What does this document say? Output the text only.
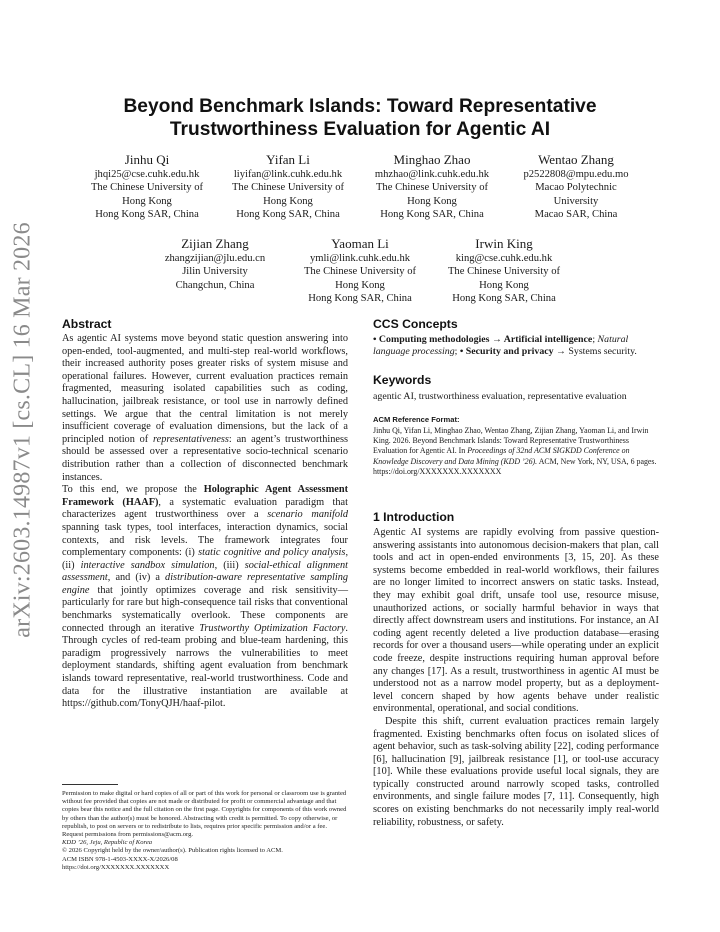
arXiv:2603.14987v1 [cs.CL] 16 Mar 2026
Beyond Benchmark Islands: Toward Representative
Trustworthiness Evaluation for Agentic AI
Jinhu Qi
jhqi25@cse.cuhk.edu.hk
The Chinese University of
Hong Kong
Hong Kong SAR, China
Yifan Li
liyifan@link.cuhk.edu.hk
The Chinese University of
Hong Kong
Hong Kong SAR, China
Minghao Zhao
mhzhao@link.cuhk.edu.hk
The Chinese University of
Hong Kong
Hong Kong SAR, China
Wentao Zhang
p2522808@mpu.edu.mo
Macao Polytechnic
University
Macao SAR, China
Zijian Zhang
zhangzijian@jlu.edu.cn
Jilin University
Changchun, China
Yaoman Li
ymli@link.cuhk.edu.hk
The Chinese University of
Hong Kong
Hong Kong SAR, China
Irwin King
king@cse.cuhk.edu.hk
The Chinese University of
Hong Kong
Hong Kong SAR, China
Abstract

As agentic AI systems move beyond static question answering into open-ended, tool-augmented, and multi-step real-world workflows, their increased authority poses greater risks of system misuse and operational failures. However, current evaluation practices remain fragmented, measuring isolated capabilities such as coding, hallucination, jailbreak resistance, or tool use in narrowly defined settings. We argue that the central limitation is not merely insufficient coverage of evaluation dimensions, but the lack of a principled notion of representativeness: an agent’s trustworthiness should be assessed over a representative socio-technical scenario distribution rather than a collection of disconnected benchmark instances.

To this end, we propose the Holographic Agent Assessment Framework (HAAF), a systematic evaluation paradigm that characterizes agent trustworthiness over a scenario manifold spanning task types, tool interfaces, interaction dynamics, social contexts, and risk levels. The framework integrates four complementary components: (i) static cognitive and policy analysis, (ii) interactive sandbox simulation, (iii) social-ethical alignment assessment, and (iv) a distribution-aware representative sampling engine that jointly optimizes coverage and risk sensitivity—particularly for rare but high-consequence tail risks that conventional benchmarks systematically overlook. These components are connected through an iterative Trustworthy Optimization Factory. Through cycles of red-team probing and blue-team hardening, this paradigm progressively narrows the vulnerabilities to meet deployment standards, shifting agent evaluation from benchmark islands toward representative, real-world trustworthiness. Code and data for the illustrative instantiation are available at https://github.com/TonyQJH/haaf-pilot.

Permission to make digital or hard copies of all or part of this work for personal or classroom use is granted without fee provided that copies are not made or distributed for profit or commercial advantage and that copies bear this notice and the full citation on the first page. Copyrights for components of this work owned by others than the author(s) must be honored. Abstracting with credit is permitted. To copy otherwise, or republish, to post on servers or to redistribute to lists, requires prior specific permission and/or a fee. Request permissions from permissions@acm.org.

KDD ’26, Jeju, Republic of Korea

© 2026 Copyright held by the owner/author(s). Publication rights licensed to ACM.

ACM ISBN 978-1-4503-XXXX-X/2026/08

https://doi.org/XXXXXXX.XXXXXXX

CCS Concepts
• Computing methodologies → Artificial intelligence; Natural language processing; • Security and privacy → Systems security.
Keywords
agentic AI, trustworthiness evaluation, representative evaluation
ACM Reference Format:
Jinhu Qi, Yifan Li, Minghao Zhao, Wentao Zhang, Zijian Zhang, Yaoman Li, and Irwin King. 2026. Beyond Benchmark Islands: Toward Representative Trustworthiness Evaluation for Agentic AI. In Proceedings of 32nd ACM SIGKDD Conference on Knowledge Discovery and Data Mining (KDD ’26). ACM, New York, NY, USA, 6 pages. https://doi.org/XXXXXXX.XXXXXXX
1 Introduction

Agentic AI systems are rapidly evolving from passive question-answering assistants into autonomous decision-makers that plan, call tools and act in open-ended environments [3, 15, 20]. As these systems become embedded in real-world workflows, their failures are no longer limited to incorrect answers on static tasks. Instead, they may exhibit goal drift, unsafe tool use, resource misuse, unauthorized actions, or socially harmful behavior in ways that directly affect downstream users and institutions. For instance, an AI coding agent recently deleted a live production database—erasing records for over a thousand users—while operating under an explicit code freeze, despite instructions requiring human approval before any changes [17]. As a result, trustworthiness in agentic AI must be understood not as a narrow model property, but as a deployment-level concern shaped by how agents behave under realistic environmental, operational, and social conditions.

Despite this shift, current evaluation practices remain largely fragmented. Existing benchmarks often focus on isolated slices of agent behavior, such as task-solving ability [22], coding performance [6], hallucination [9], jailbreak resistance [1], or tool-use accuracy [10]. While these evaluations provide useful local signals, they are typically constructed around narrowly scoped tasks, controlled environments, and single failure modes [7, 11]. Consequently, high scores on existing benchmarks do not necessarily imply real-world reliability, robustness, or safety.
